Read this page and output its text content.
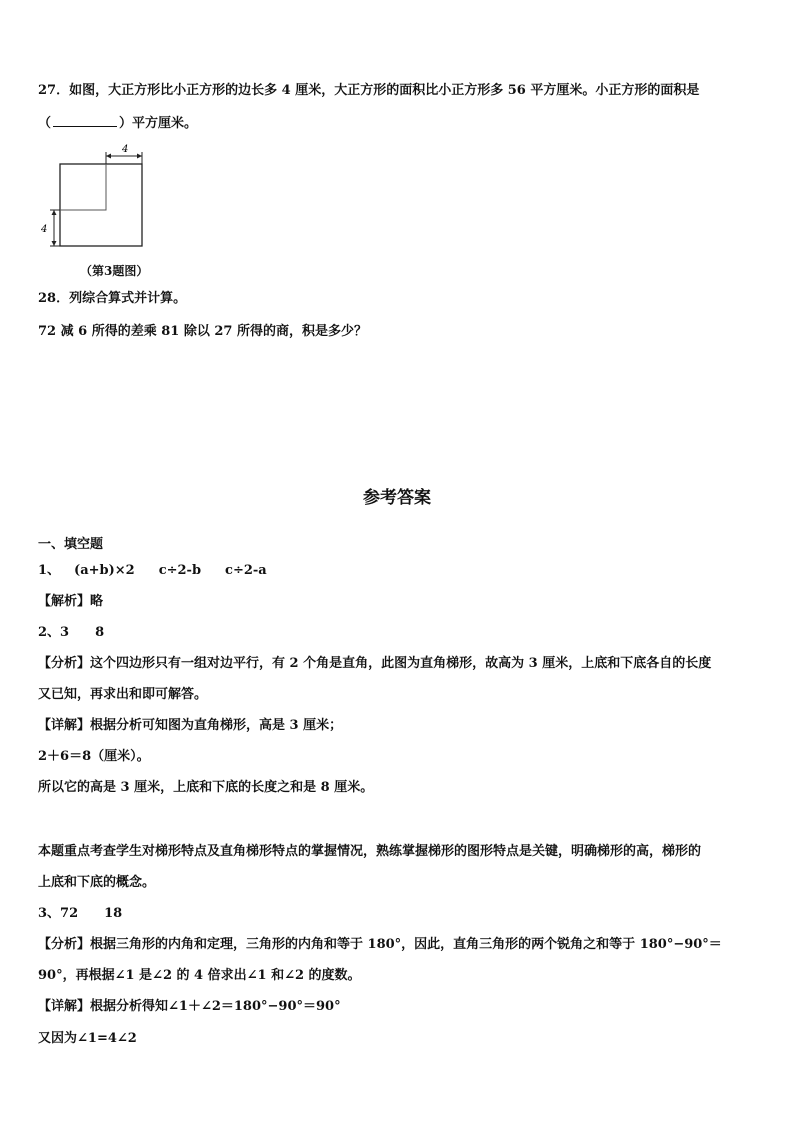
27．如图，大正方形比小正方形的边长多 4 厘米，大正方形的面积比小正方形多 56 平方厘米。小正方形的面积是
（	）平方厘米。
4
4
（第3题图）
28．列综合算式并计算。
72 减 6 所得的差乘 81 除以 27 所得的商，积是多少？
参考答案
一、填空题
1、 (a+b)×2 c÷2-b c÷2-a
【解析】略
2、3　　8
【分析】这个四边形只有一组对边平行，有 2 个角是直角，此图为直角梯形，故高为 3 厘米，上底和下底各自的长度
又已知，再求出和即可解答。
【详解】根据分析可知图为直角梯形，高是 3 厘米；
2＋6＝8（厘米）。
所以它的高是 3 厘米，上底和下底的长度之和是 8 厘米。
本题重点考查学生对梯形特点及直角梯形特点的掌握情况，熟练掌握梯形的图形特点是关键，明确梯形的高，梯形的
上底和下底的概念。
3、72　　18
【分析】根据三角形的内角和定理，三角形的内角和等于 180°，因此，直角三角形的两个锐角之和等于 180°−90°＝
90°，再根据∠1 是∠2 的 4 倍求出∠1 和∠2 的度数。
【详解】根据分析得知∠1＋∠2＝180°−90°＝90°
又因为∠1=4∠2
